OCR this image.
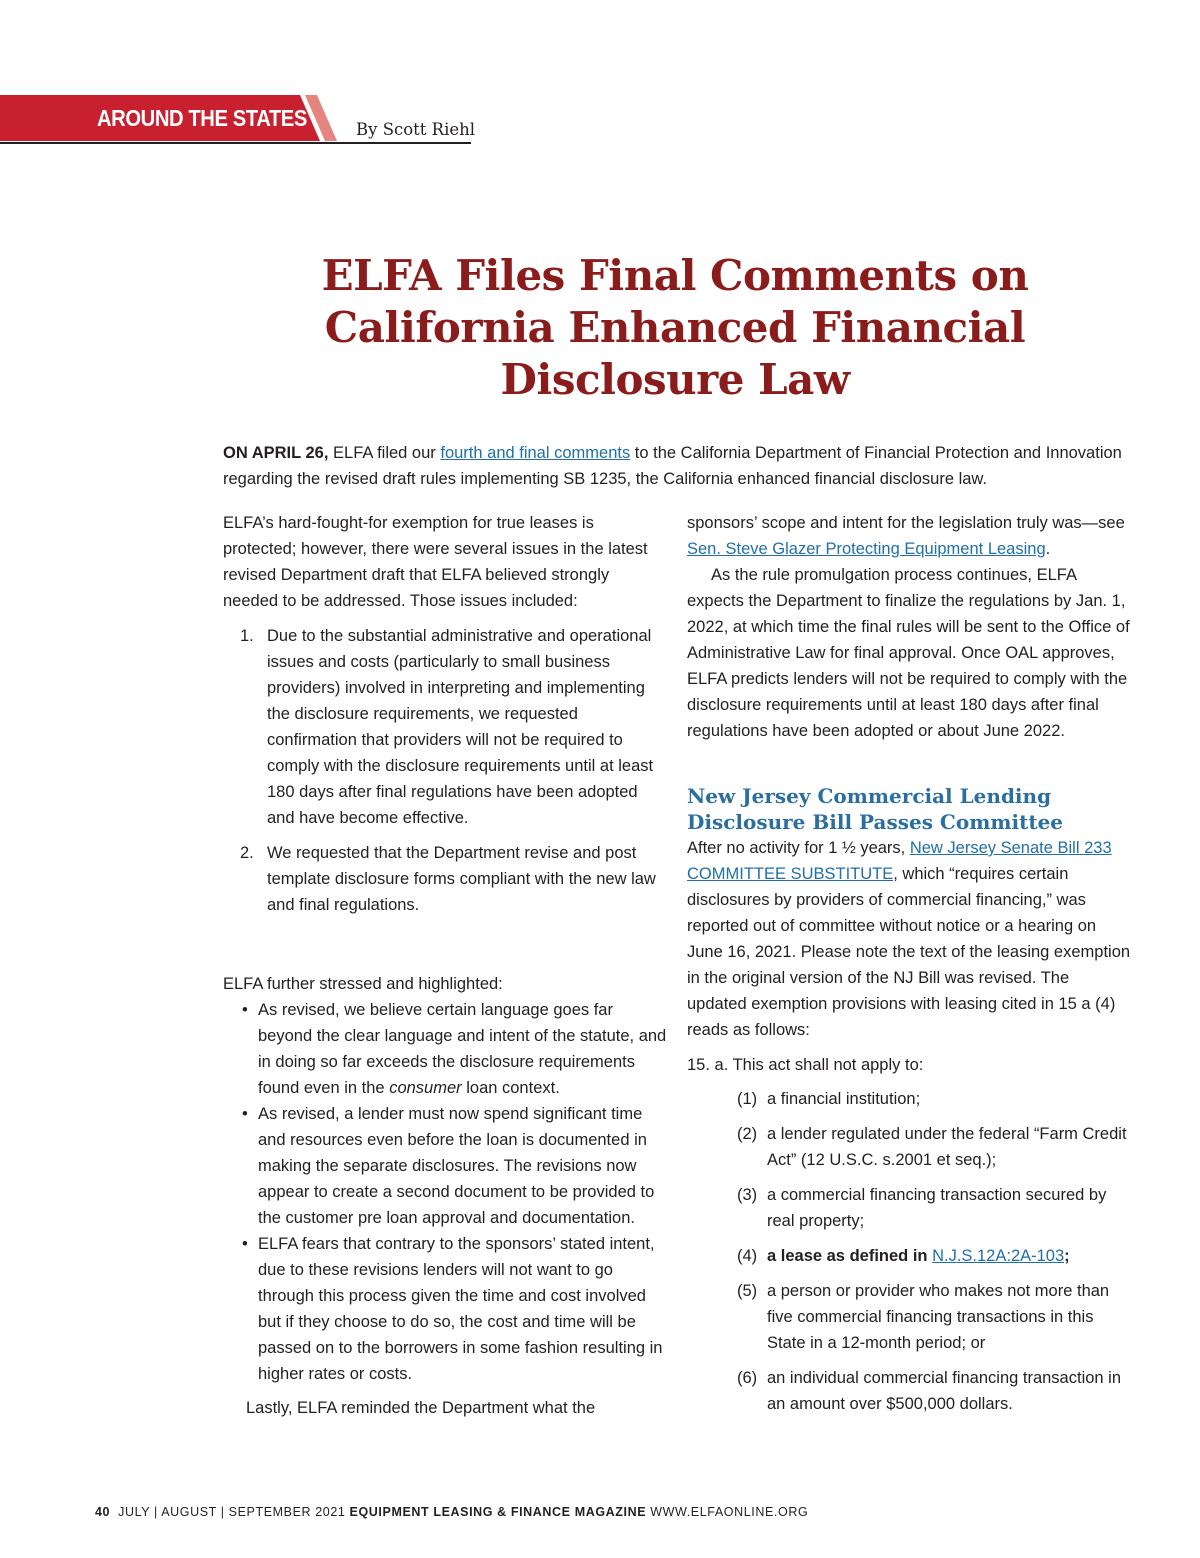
AROUND THE STATES	By Scott Riehl
ELFA Files Final Comments on
California Enhanced Financial
Disclosure Law

ON APRIL 26, ELFA filed our fourth and final comments to the California Department of Financial Protection and Innovation regarding the revised draft rules implementing SB 1235, the California enhanced financial disclosure law.

ELFA’s hard-fought-for exemption for true leases is protected; however, there were several issues in the latest revised Department draft that ELFA believed strongly needed to be addressed. Those issues included:

1. Due to the substantial administrative and operational issues and costs (particularly to small business providers) involved in interpreting and implementing the disclosure requirements, we requested confirmation that providers will not be required to comply with the disclosure requirements until at least 180 days after final regulations have been adopted and have become effective.
2. We requested that the Department revise and post template disclosure forms compliant with the new law and final regulations.

ELFA further stressed and highlighted:

• As revised, we believe certain language goes far beyond the clear language and intent of the statute, and in doing so far exceeds the disclosure requirements found even in the consumer loan context.
• As revised, a lender must now spend significant time and resources even before the loan is documented in making the separate disclosures. The revisions now appear to create a second document to be provided to the customer pre loan approval and documentation.
• ELFA fears that contrary to the sponsors’ stated intent, due to these revisions lenders will not want to go through this process given the time and cost involved but if they choose to do so, the cost and time will be passed on to the borrowers in some fashion resulting in higher rates or costs.

Lastly, ELFA reminded the Department what the

sponsors’ scope and intent for the legislation truly was—see Sen. Steve Glazer Protecting Equipment Leasing.

As the rule promulgation process continues, ELFA expects the Department to finalize the regulations by Jan. 1, 2022, at which time the final rules will be sent to the Office of Administrative Law for final approval. Once OAL approves, ELFA predicts lenders will not be required to comply with the disclosure requirements until at least 180 days after final regulations have been adopted or about June 2022.

New Jersey Commercial Lending Disclosure Bill Passes Committee

After no activity for 1 ½ years, New Jersey Senate Bill 233 COMMITTEE SUBSTITUTE, which “requires certain disclosures by providers of commercial financing,” was reported out of committee without notice or a hearing on June 16, 2021. Please note the text of the leasing exemption in the original version of the NJ Bill was revised. The updated exemption provisions with leasing cited in 15 a (4) reads as follows:

15. a. This act shall not apply to:

(1) a financial institution;
(2) a lender regulated under the federal “Farm Credit Act” (12 U.S.C. s.2001 et seq.);
(3) a commercial financing transaction secured by real property;
(4) a lease as defined in N.J.S.12A:2A-103;
(5) a person or provider who makes not more than five commercial financing transactions in this State in a 12-month period; or
(6) an individual commercial financing transaction in an amount over $500,000 dollars.
40 JULY | AUGUST | SEPTEMBER 2021 EQUIPMENT LEASING & FINANCE MAGAZINE WWW.ELFAONLINE.ORG
